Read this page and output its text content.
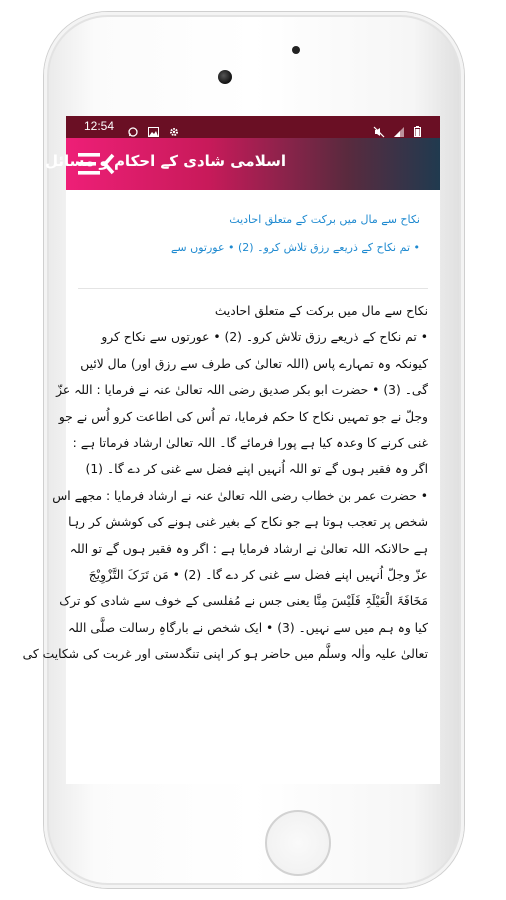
12:54

اسلامی شادی کے احکام و مسائل
نکاح سے مال میں برکت کے متعلق احادیث
• تم نکاح کے ذریعے رزق تلاش کرو۔ (2) • عورتوں سے
نکاح سے مال میں برکت کے متعلق احادیث
• تم نکاح کے ذریعے رزق تلاش کرو۔ (2) • عورتوں سے نکاح کرو
کیونکہ وہ تمہارے پاس (اللہ تعالیٰ کی طرف سے رزق اور) مال لائیں
گی۔ (3) • حضرت ابو بکر صدیق رضی اللہ تعالیٰ عنہ نے فرمایا : اللہ عزّ
وجلّ نے جو تمہیں نکاح کا حکم فرمایا، تم اُس کی اطاعت کرو اُس نے جو
غنی کرنے کا وعدہ کیا ہے پورا فرمائے گا۔ اللہ تعالیٰ ارشاد فرماتا ہے :
اگر وہ فقیر ہوں گے تو اللہ اُنہیں اپنے فضل سے غنی کر دے گا۔ (1)
• حضرت عمر بن خطاب رضی اللہ تعالیٰ عنہ نے ارشاد فرمایا : مجھے اس
شخص پر تعجب ہوتا ہے جو نکاح کے بغیر غنی ہونے کی کوشش کر رہا
ہے حالانکہ اللہ تعالیٰ نے ارشاد فرمایا ہے : اگر وہ فقیر ہوں گے تو اللہ
عزّ وجلّ اُنہیں اپنے فضل سے غنی کر دے گا۔ (2) • مَن تَرَکَ التَّزْوِیْجَ
مَخَافَۃَ الْعَیْلَۃِ فَلَیْسَ مِنَّا یعنی جس نے مُفلسی کے خوف سے شادی کو ترک
کیا وہ ہم میں سے نہیں۔ (3) • ایک شخص نے بارگاہِ رسالت صلَّی اللہ
تعالیٰ علیہ واٰلہ وسلَّم میں حاضر ہو کر اپنی تنگدستی اور غربت کی شکایت کی
